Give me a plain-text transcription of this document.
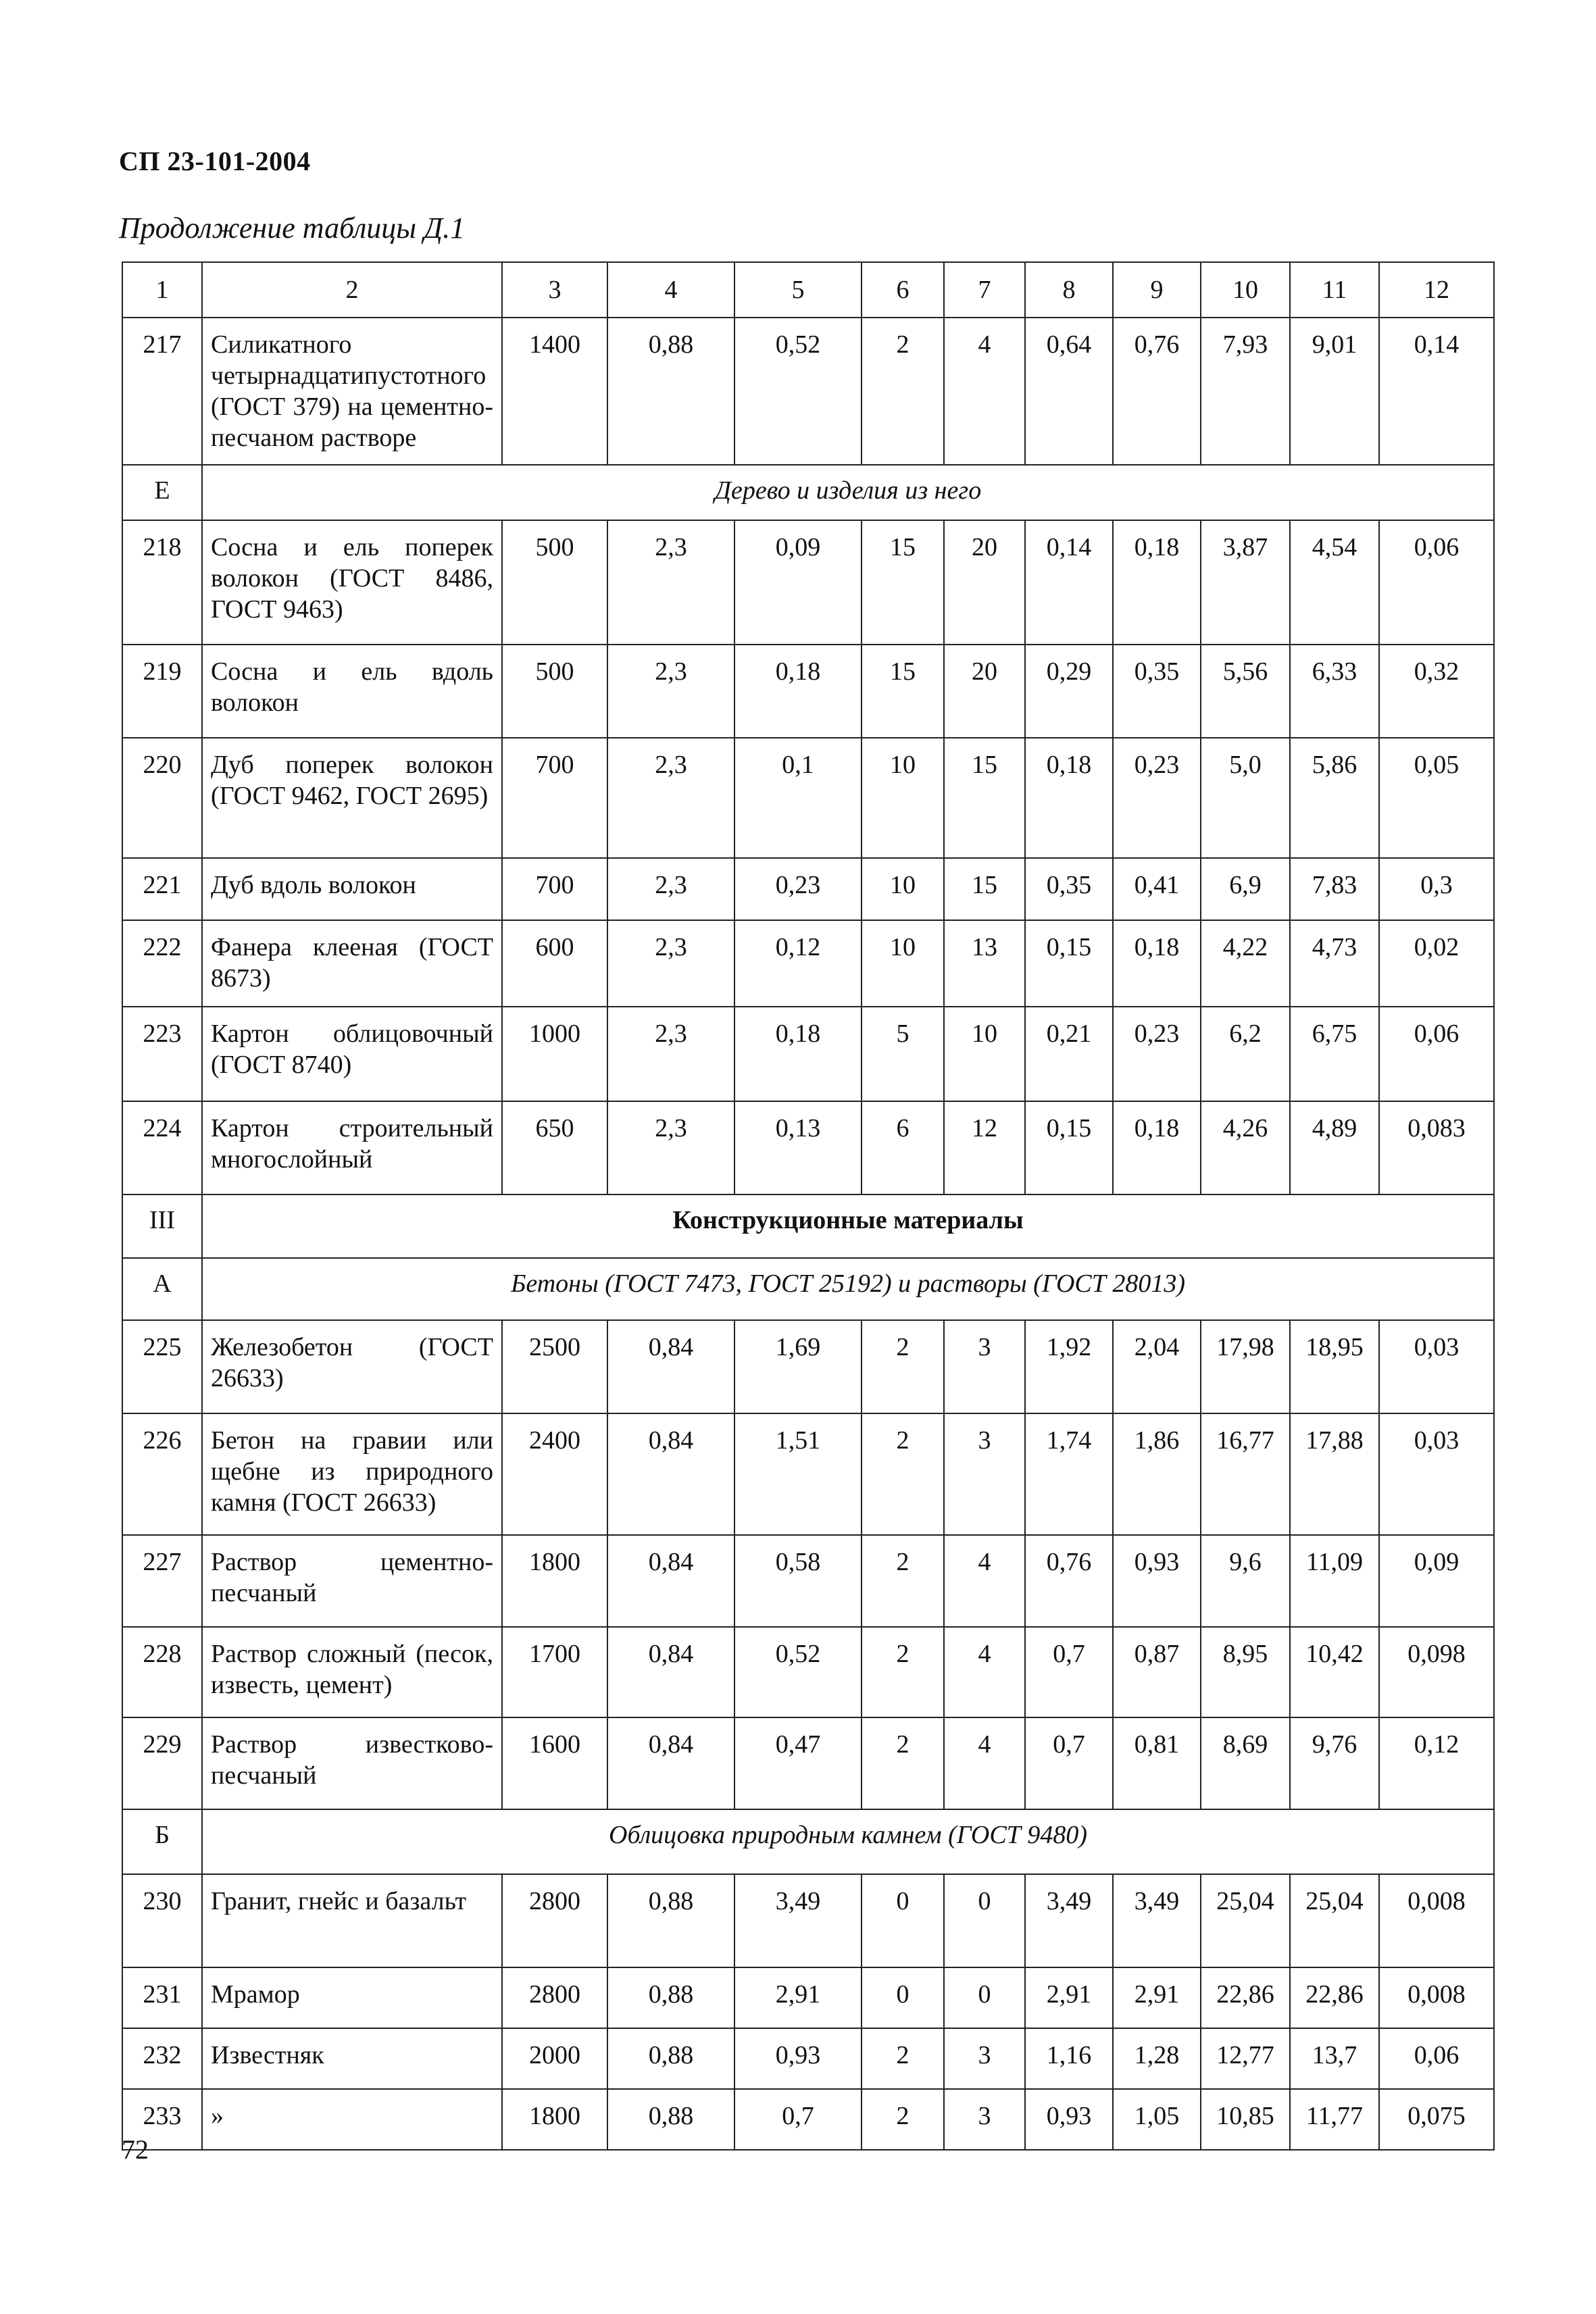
СП 23-101-2004
Продолжение таблицы Д.1
1	2	3	4	5	6	7	8	9	10	11	12
217	Силикатного четырнадцатипустотного (ГОСТ 379) на цементно-песчаном растворе	1400	0,88	0,52	2	4	0,64	0,76	7,93	9,01	0,14
Е	Дерево и изделия из него										
218	Сосна и ель поперек волокон (ГОСТ 8486, ГОСТ 9463)	500	2,3	0,09	15	20	0,14	0,18	3,87	4,54	0,06
219	Сосна и ель вдоль волокон	500	2,3	0,18	15	20	0,29	0,35	5,56	6,33	0,32
220	Дуб поперек волокон (ГОСТ 9462, ГОСТ 2695)	700	2,3	0,1	10	15	0,18	0,23	5,0	5,86	0,05
221	Дуб вдоль волокон	700	2,3	0,23	10	15	0,35	0,41	6,9	7,83	0,3
222	Фанера клееная (ГОСТ 8673)	600	2,3	0,12	10	13	0,15	0,18	4,22	4,73	0,02
223	Картон облицовочный (ГОСТ 8740)	1000	2,3	0,18	5	10	0,21	0,23	6,2	6,75	0,06
224	Картон строительный многослойный	650	2,3	0,13	6	12	0,15	0,18	4,26	4,89	0,083
III	Конструкционные материалы										
А	Бетоны (ГОСТ 7473, ГОСТ 25192) и растворы (ГОСТ 28013)										
225	Железобетон (ГОСТ 26633)	2500	0,84	1,69	2	3	1,92	2,04	17,98	18,95	0,03
226	Бетон на гравии или щебне из природного камня (ГОСТ 26633)	2400	0,84	1,51	2	3	1,74	1,86	16,77	17,88	0,03
227	Раствор цементно-песчаный	1800	0,84	0,58	2	4	0,76	0,93	9,6	11,09	0,09
228	Раствор сложный (песок, известь, цемент)	1700	0,84	0,52	2	4	0,7	0,87	8,95	10,42	0,098
229	Раствор известково-песчаный	1600	0,84	0,47	2	4	0,7	0,81	8,69	9,76	0,12
Б	Облицовка природным камнем (ГОСТ 9480)										
230	Гранит, гнейс и базальт	2800	0,88	3,49	0	0	3,49	3,49	25,04	25,04	0,008
231	Мрамор	2800	0,88	2,91	0	0	2,91	2,91	22,86	22,86	0,008
232	Известняк	2000	0,88	0,93	2	3	1,16	1,28	12,77	13,7	0,06
233	»	1800	0,88	0,7	2	3	0,93	1,05	10,85	11,77	0,075
72
